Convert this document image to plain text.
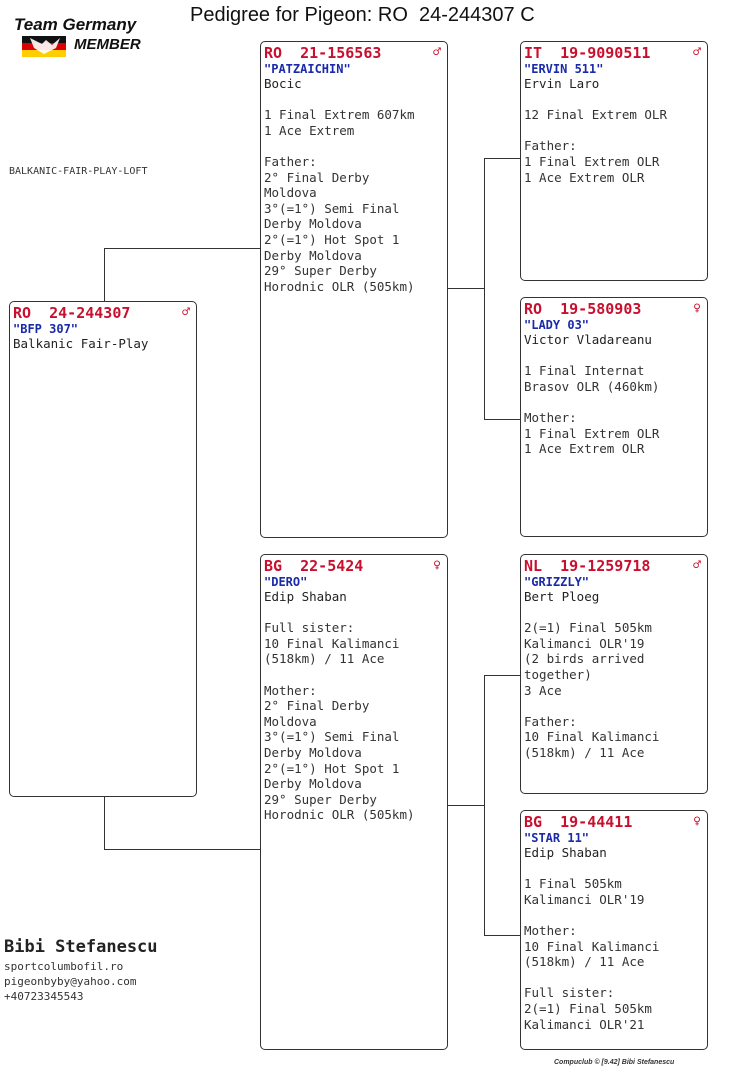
Pedigree for Pigeon: RO  24-244307 C
Team Germany
MEMBER
BALKANIC-FAIR-PLAY-LOFT
RO  24-244307	♂
"BFP 307"
Balkanic Fair-Play
RO  21-156563	♂
"PATZAICHIN"
Bocic

1 Final Extrem 607km
1 Ace Extrem

Father:
2° Final Derby
Moldova
3°(=1°) Semi Final
Derby Moldova
2°(=1°) Hot Spot 1
Derby Moldova
29° Super Derby
Horodnic OLR (505km)
BG  22-5424	♀
"DERO"
Edip Shaban

Full sister:
10 Final Kalimanci
(518km) / 11 Ace

Mother:
2° Final Derby
Moldova
3°(=1°) Semi Final
Derby Moldova
2°(=1°) Hot Spot 1
Derby Moldova
29° Super Derby
Horodnic OLR (505km)
IT  19-9090511	♂
"ERVIN 511"
Ervin Laro

12 Final Extrem OLR

Father:
1 Final Extrem OLR
1 Ace Extrem OLR
RO  19-580903	♀
"LADY 03"
Victor Vladareanu

1 Final Internat
Brasov OLR (460km)

Mother:
1 Final Extrem OLR
1 Ace Extrem OLR
NL  19-1259718	♂
"GRIZZLY"
Bert Ploeg

2(=1) Final 505km
Kalimanci OLR'19
(2 birds arrived
together)
3 Ace

Father:
10 Final Kalimanci
(518km) / 11 Ace
BG  19-44411	♀
"STAR 11"
Edip Shaban

1 Final 505km
Kalimanci OLR'19

Mother:
10 Final Kalimanci
(518km) / 11 Ace

Full sister:
2(=1) Final 505km
Kalimanci OLR'21
Bibi Stefanescu
sportcolumbofil.ro
pigeonbyby@yahoo.com
+40723345543
Compuclub © [9.42] Bibi Stefanescu
